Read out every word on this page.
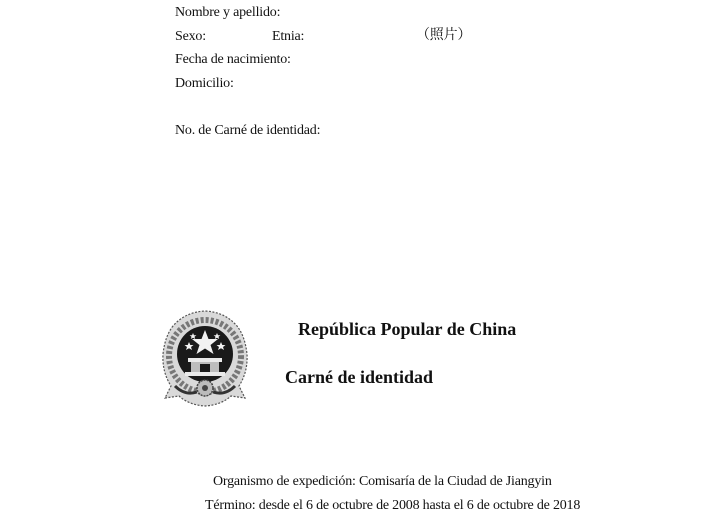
Nombre y apellido:
Sexo:	Etnia:	（照片）
Fecha de nacimiento:
Domicilio:
No. de Carné de identidad:
República Popular de China
Carné de identidad
Organismo de expedición: Comisaría de la Ciudad de Jiangyin
Término: desde el 6 de octubre de 2008 hasta el 6 de octubre de 2018
